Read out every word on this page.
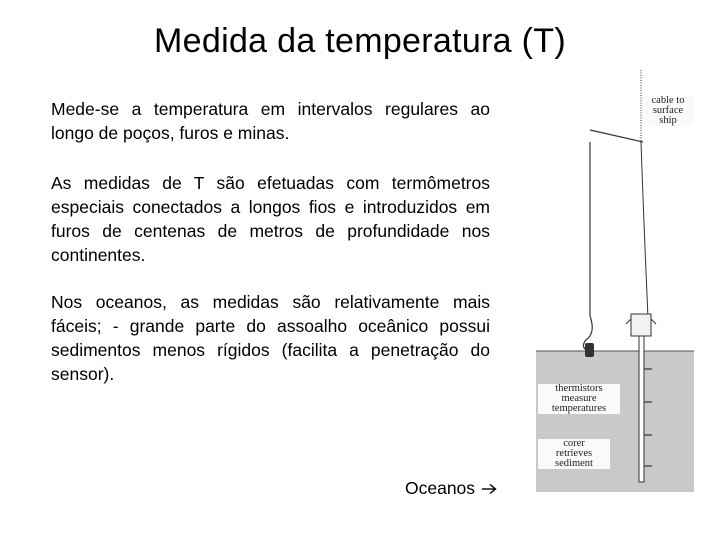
Medida da temperatura (T)
Mede-se a temperatura em intervalos regulares ao longo de poços, furos e minas.
As medidas de T são efetuadas com termômetros especiais conectados a longos fios e introduzidos em furos de centenas de metros de profundidade nos continentes.
Nos oceanos, as medidas são relativamente mais fáceis; - grande parte do assoalho oceânico possui sedimentos menos rígidos (facilita a penetração do sensor).
Oceanos
cable to
surface
ship
thermistors
measure
temperatures
corer
retrieves
sediment
